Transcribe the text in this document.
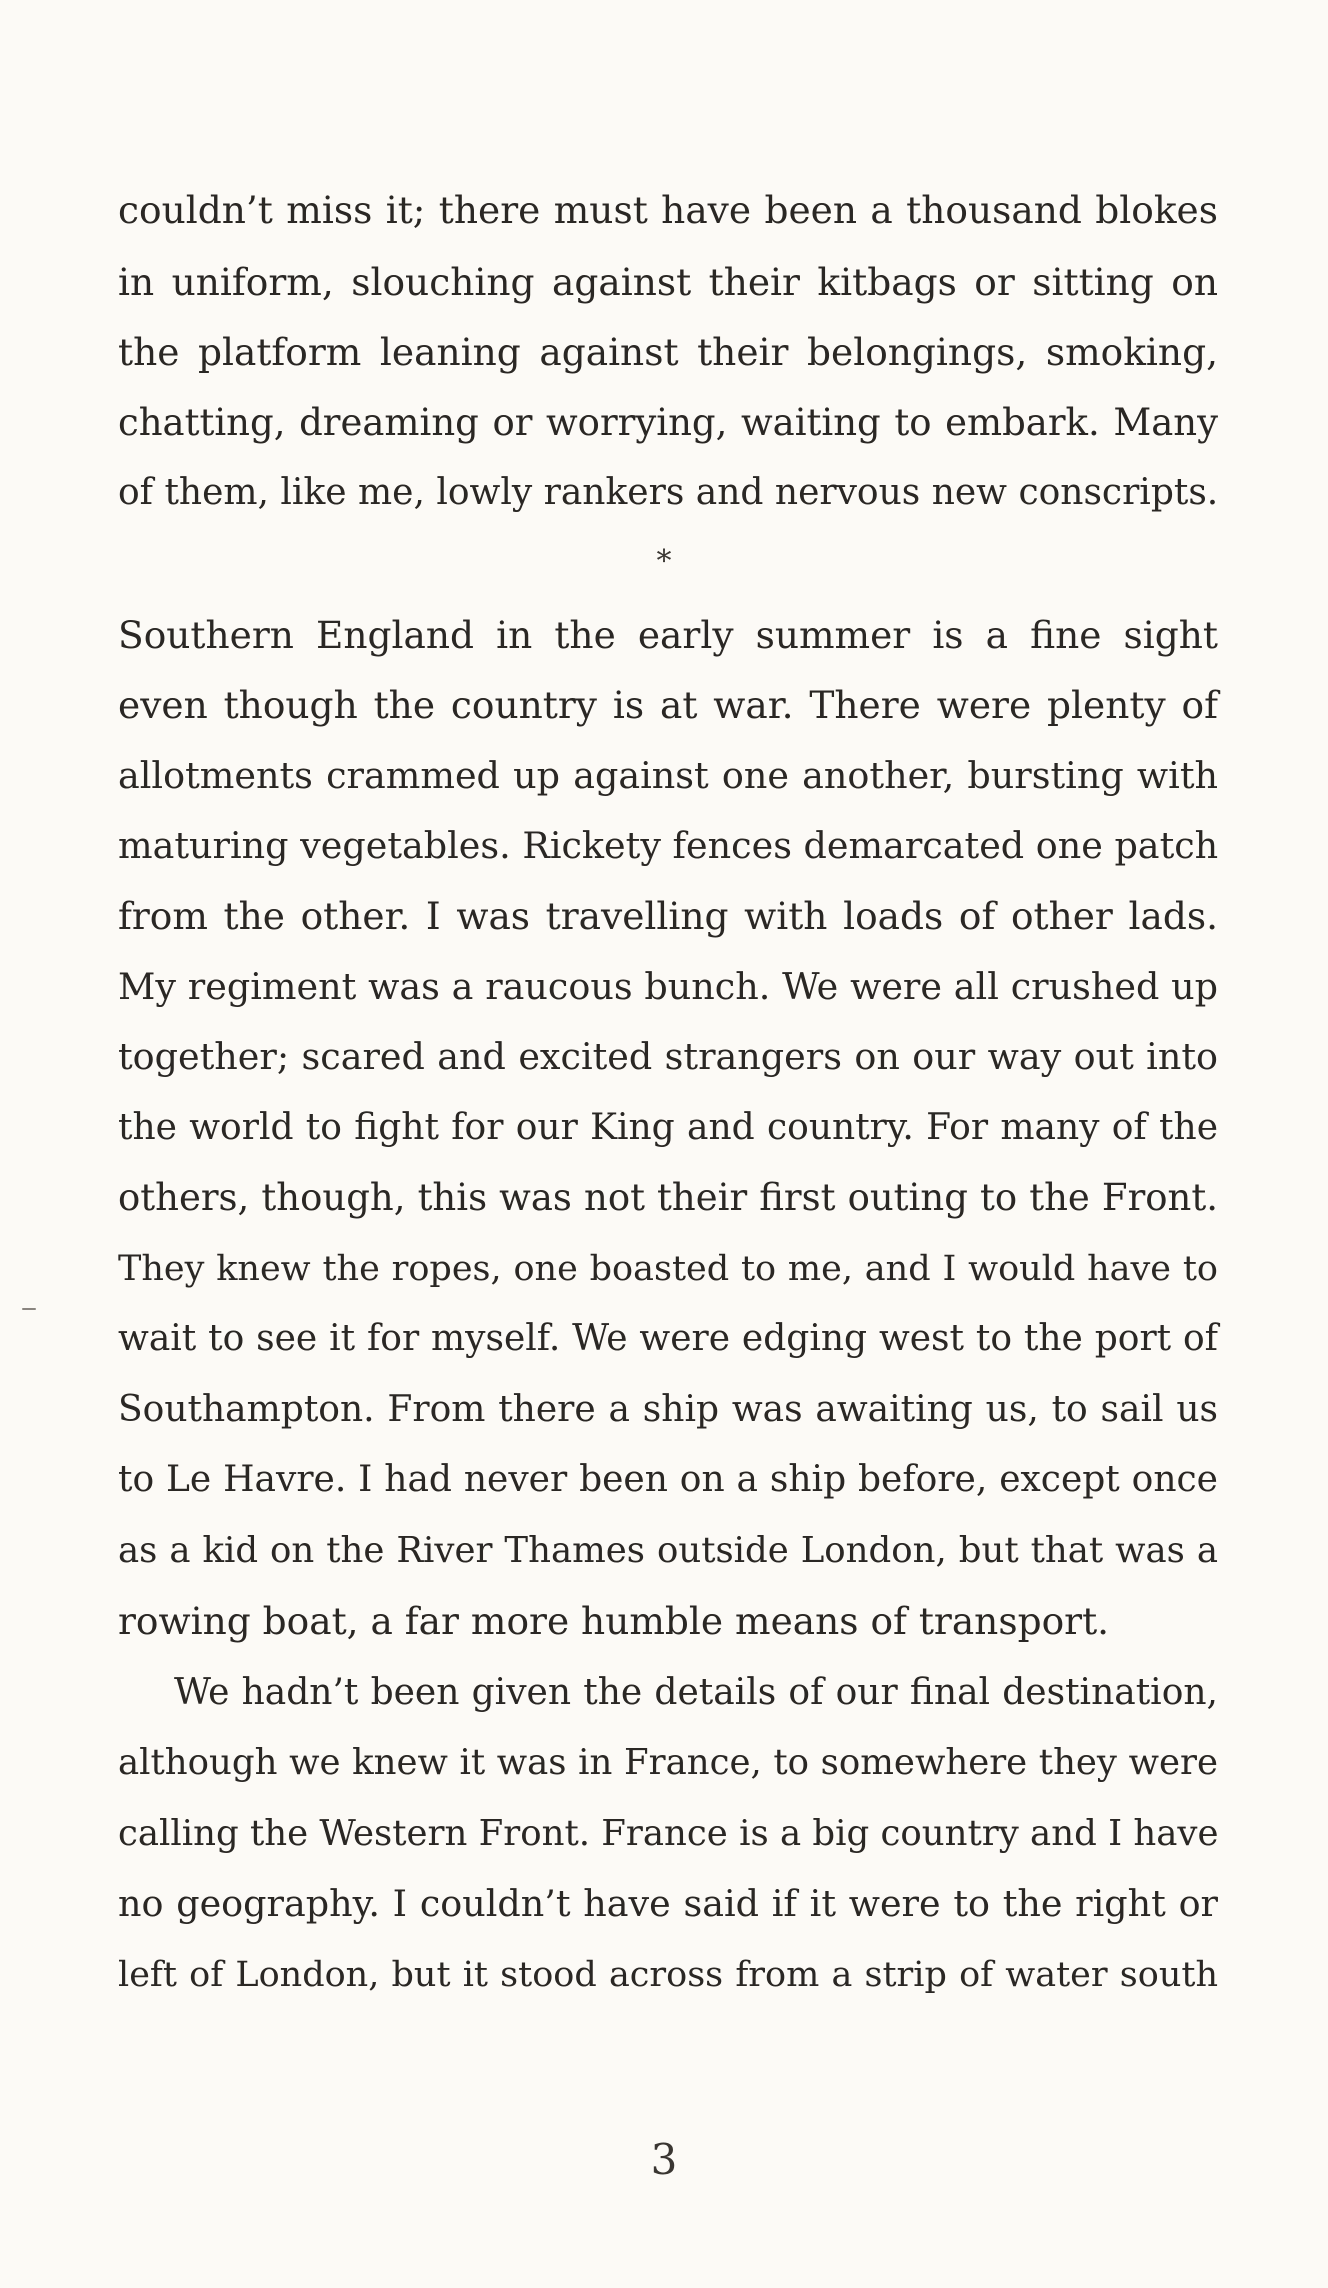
couldn’t miss it; there must have been a thousand blokes
in uniform, slouching against their kitbags or sitting on
the platform leaning against their belongings, smoking,
chatting, dreaming or worrying, waiting to embark. Many
of them, like me, lowly rankers and nervous new conscripts.
*
Southern England in the early summer is a fine sight
even though the country is at war. There were plenty of
allotments crammed up against one another, bursting with
maturing vegetables. Rickety fences demarcated one patch
from the other. I was travelling with loads of other lads.
My regiment was a raucous bunch. We were all crushed up
together; scared and excited strangers on our way out into
the world to fight for our King and country. For many of the
others, though, this was not their first outing to the Front.
They knew the ropes, one boasted to me, and I would have to
wait to see it for myself. We were edging west to the port of
Southampton. From there a ship was awaiting us, to sail us
to Le Havre. I had never been on a ship before, except once
as a kid on the River Thames outside London, but that was a
rowing boat, a far more humble means of transport.
We hadn’t been given the details of our final destination,
although we knew it was in France, to somewhere they were
calling the Western Front. France is a big country and I have
no geography. I couldn’t have said if it were to the right or
left of London, but it stood across from a strip of water south
3
